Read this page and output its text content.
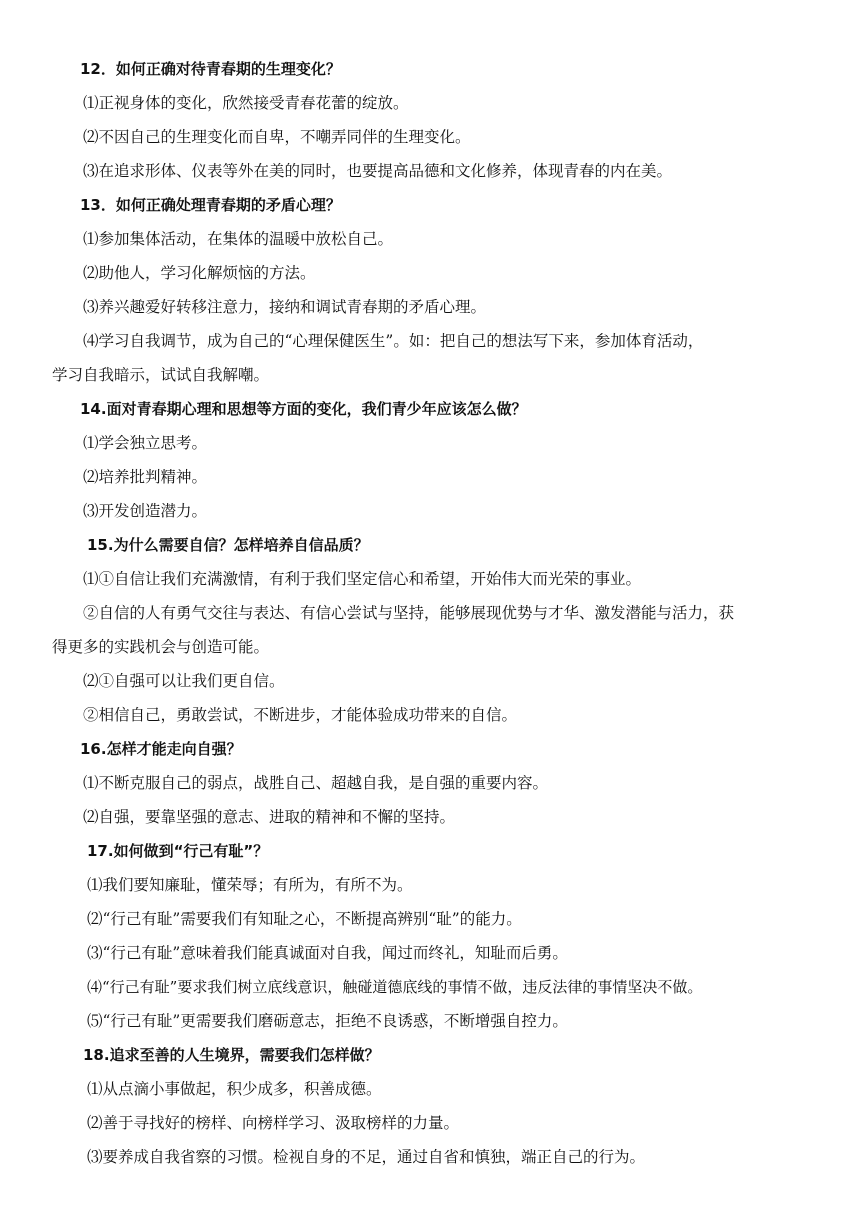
12．如何正确对待青春期的生理变化？
⑴正视身体的变化，欣然接受青春花蕾的绽放。
⑵不因自己的生理变化而自卑，不嘲弄同伴的生理变化。
⑶在追求形体、仪表等外在美的同时，也要提高品德和文化修养，体现青春的内在美。
13．如何正确处理青春期的矛盾心理？
⑴参加集体活动，在集体的温暖中放松自己。
⑵助他人，学习化解烦恼的方法。
⑶养兴趣爱好转移注意力，接纳和调试青春期的矛盾心理。
⑷学习自我调节，成为自己的“心理保健医生”。如：把自己的想法写下来，参加体育活动，
学习自我暗示，试试自我解嘲。
14.面对青春期心理和思想等方面的变化，我们青少年应该怎么做？
⑴学会独立思考。
⑵培养批判精神。
⑶开发创造潜力。
15.为什么需要自信？怎样培养自信品质？
⑴①自信让我们充满激情，有利于我们坚定信心和希望，开始伟大而光荣的事业。
②自信的人有勇气交往与表达、有信心尝试与坚持，能够展现优势与才华、激发潜能与活力，获
得更多的实践机会与创造可能。
⑵①自强可以让我们更自信。
②相信自己，勇敢尝试，不断进步，才能体验成功带来的自信。
16.怎样才能走向自强？
⑴不断克服自己的弱点，战胜自己、超越自我，是自强的重要内容。
⑵自强，要靠坚强的意志、进取的精神和不懈的坚持。
17.如何做到“行己有耻”？
⑴我们要知廉耻，懂荣辱；有所为，有所不为。
⑵“行己有耻”需要我们有知耻之心，不断提高辨别“耻”的能力。
⑶“行己有耻”意味着我们能真诚面对自我，闻过而终礼，知耻而后勇。
⑷“行己有耻”要求我们树立底线意识，触碰道德底线的事情不做，违反法律的事情坚决不做。
⑸“行己有耻”更需要我们磨砺意志，拒绝不良诱惑，不断增强自控力。
18.追求至善的人生境界，需要我们怎样做？
⑴从点滴小事做起，积少成多，积善成德。
⑵善于寻找好的榜样、向榜样学习、汲取榜样的力量。
⑶要养成自我省察的习惯。检视自身的不足，通过自省和慎独，端正自己的行为。
